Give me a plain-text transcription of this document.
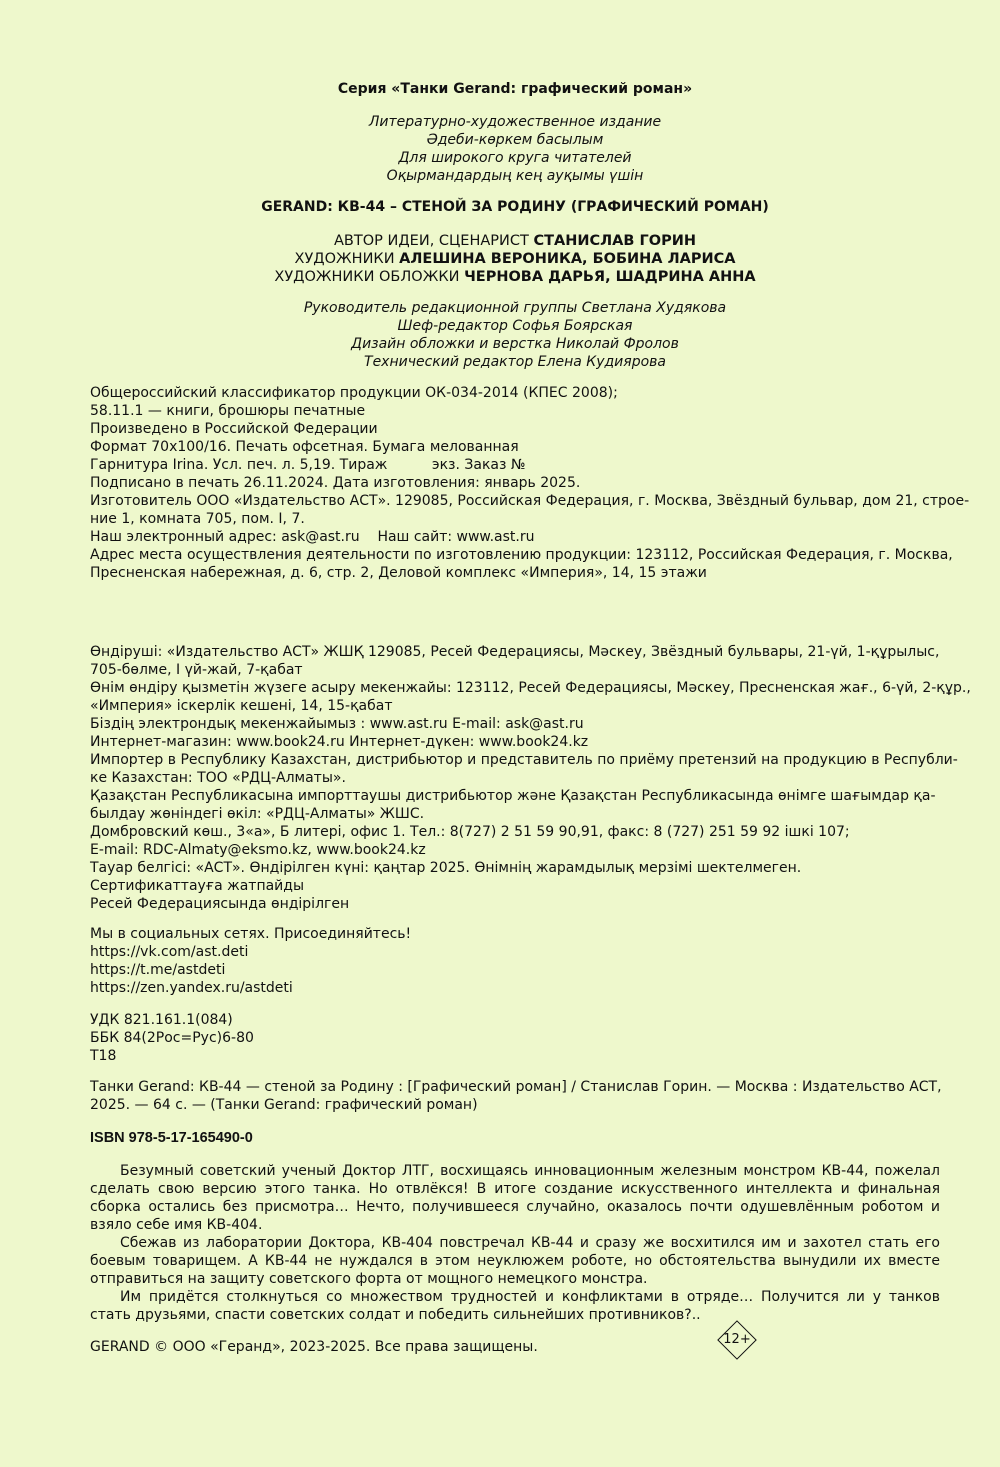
Серия «Танки Gerand: графический роман»
Литературно-художественное издание
Әдеби-көркем басылым
Для широкого круга читателей
Оқырмандардың кең ауқымы үшін
GERAND: КВ-44 – СТЕНОЙ ЗА РОДИНУ (ГРАФИЧЕСКИЙ РОМАН)
АВТОР ИДЕИ, СЦЕНАРИСТ СТАНИСЛАВ ГОРИН
ХУДОЖНИКИ АЛЕШИНА ВЕРОНИКА, БОБИНА ЛАРИСА
ХУДОЖНИКИ ОБЛОЖКИ ЧЕРНОВА ДАРЬЯ, ШАДРИНА АННА
Руководитель редакционной группы Светлана Худякова
Шеф-редактор Софья Боярская
Дизайн обложки и верстка Николай Фролов
Технический редактор Елена Кудиярова
Общероссийский классификатор продукции ОК-034-2014 (КПЕС 2008);
58.11.1 — книги, брошюры печатные
Произведено в Российской Федерации
Формат 70x100/16. Печать офсетная. Бумага мелованная
Гарнитура Irina. Усл. печ. л. 5,19. Тираж	экз. Заказ №
Подписано в печать 26.11.2024. Дата изготовления: январь 2025.
Изготовитель ООО «Издательство АСТ». 129085, Российская Федерация, г. Москва, Звёздный бульвар, дом 21, строе-
ние 1, комната 705, пом. I, 7.
Наш электронный адрес: ask@ast.ru Наш сайт: www.ast.ru
Адрес места осуществления деятельности по изготовлению продукции: 123112, Российская Федерация, г. Москва,
Пресненская набережная, д. 6, стр. 2, Деловой комплекс «Империя», 14, 15 этажи
Өндіруші: «Издательство АСТ» ЖШҚ 129085, Ресей Федерациясы, Мәскеу, Звёздный бульвары, 21-үй, 1-құрылыс,
705-бөлме, I үй-жай, 7-қабат
Өнім өндіру қызметін жүзеге асыру мекенжайы: 123112, Ресей Федерациясы, Мәскеу, Пресненская жағ., 6-үй, 2-құр.,
«Империя» іскерлік кешені, 14, 15-қабат
Біздің электрондық мекенжайымыз : www.ast.ru E-mail: ask@ast.ru
Интернет-магазин: www.book24.ru Интернет-дүкен: www.book24.kz
Импортер в Республику Казахстан, дистрибьютор и представитель по приёму претензий на продукцию в Республи-
ке Казахстан: ТОО «РДЦ-Алматы».
Қазақстан Республикасына импорттаушы дистрибьютор және Қазақстан Республикасында өнімге шағымдар қа-
былдау жөніндегі өкіл: «РДЦ-Алматы» ЖШС.
Домбровский көш., 3«а», Б литері, офис 1. Тел.: 8(727) 2 51 59 90,91, факс: 8 (727) 251 59 92 ішкі 107;
E-mail: RDC-Almaty@eksmo.kz, www.book24.kz
Тауар белгісі: «АСТ». Өндірілген күні: қаңтар 2025. Өнімнің жарамдылық мерзімі шектелмеген.
Сертификаттауға жатпайды
Ресей Федерациясында өндірілген
Мы в социальных сетях. Присоединяйтесь!
https://vk.com/ast.deti
https://t.me/astdeti
https://zen.yandex.ru/astdeti
УДК 821.161.1(084)
ББК 84(2Рос=Рус)6-80
Т18
Танки Gerand: КВ-44 — стеной за Родину : [Графический роман] / Станислав Горин. — Москва : Издательство АСТ,
2025. — 64 с. — (Танки Gerand: графический роман)
ISBN 978-5-17-165490-0
Безумный советский ученый Доктор ЛТГ, восхищаясь инновационным железным монстром КВ-44, пожелал сделать свою версию этого танка. Но отвлёкся! В итоге создание искусственного интеллекта и финальная сборка остались без присмотра… Нечто, получившееся случайно, оказалось почти одушевлённым роботом и взяло себе имя КВ-404.
Сбежав из лаборатории Доктора, КВ-404 повстречал КВ-44 и сразу же восхитился им и захотел стать его боевым товарищем. А КВ-44 не нуждался в этом неуклюжем роботе, но обстоятельства вынудили их вместе отправиться на защиту советского форта от мощного немецкого монстра.
Им придётся столкнуться со множеством трудностей и конфликтами в отряде… Получится ли у танков стать друзьями, спасти советских солдат и победить сильнейших противников?..
GERAND © ООО «Геранд», 2023-2025. Все права защищены.	12+
